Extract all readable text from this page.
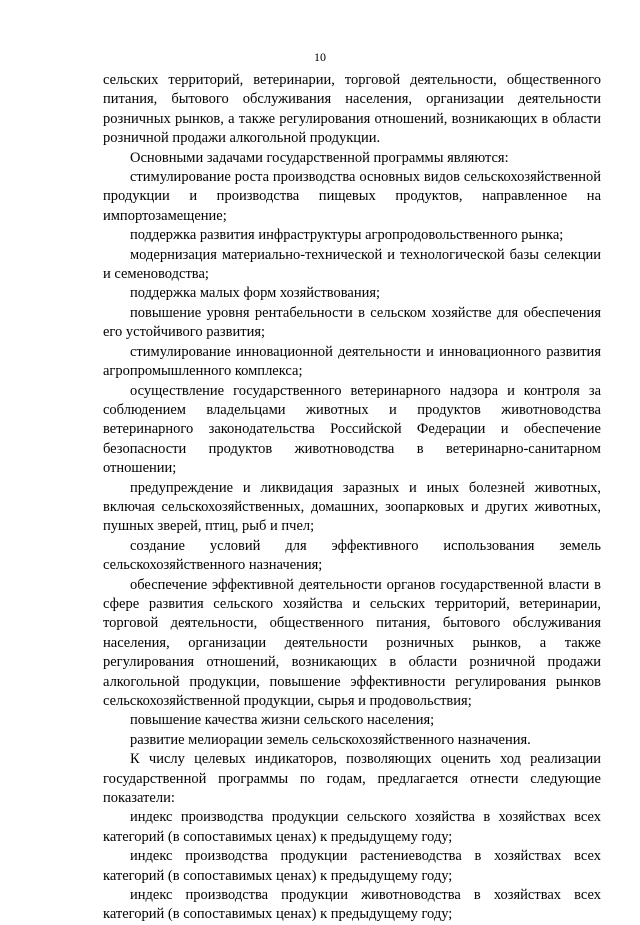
10

сельских территорий, ветеринарии, торговой деятельности, общественного питания, бытового обслуживания населения, организации деятельности розничных рынков, а также регулирования отношений, возникающих в области розничной продажи алкогольной продукции.

Основными задачами государственной программы являются:

стимулирование роста производства основных видов сельскохозяйственной продукции и производства пищевых продуктов, направленное на импортозамещение;

поддержка развития инфраструктуры агропродовольственного рынка;

модернизация материально-технической и технологической базы селекции и семеноводства;

поддержка малых форм хозяйствования;

повышение уровня рентабельности в сельском хозяйстве для обеспечения его устойчивого развития;

стимулирование инновационной деятельности и инновационного развития агропромышленного комплекса;

осуществление государственного ветеринарного надзора и контроля за соблюдением владельцами животных и продуктов животноводства ветеринарного законодательства Российской Федерации и обеспечение безопасности продуктов животноводства в ветеринарно-санитарном отношении;

предупреждение и ликвидация заразных и иных болезней животных, включая сельскохозяйственных, домашних, зоопарковых и других животных, пушных зверей, птиц, рыб и пчел;

создание условий для эффективного использования земель сельскохозяйственного назначения;

обеспечение эффективной деятельности органов государственной власти в сфере развития сельского хозяйства и сельских территорий, ветеринарии, торговой деятельности, общественного питания, бытового обслуживания населения, организации деятельности розничных рынков, а также регулирования отношений, возникающих в области розничной продажи алкогольной продукции, повышение эффективности регулирования рынков сельскохозяйственной продукции, сырья и продовольствия;

повышение качества жизни сельского населения;

развитие мелиорации земель сельскохозяйственного назначения.

К числу целевых индикаторов, позволяющих оценить ход реализации государственной программы по годам, предлагается отнести следующие показатели:

индекс производства продукции сельского хозяйства в хозяйствах всех категорий (в сопоставимых ценах) к предыдущему году;

индекс производства продукции растениеводства в хозяйствах всех категорий (в сопоставимых ценах) к предыдущему году;

индекс производства продукции животноводства в хозяйствах всех категорий (в сопоставимых ценах) к предыдущему году;
